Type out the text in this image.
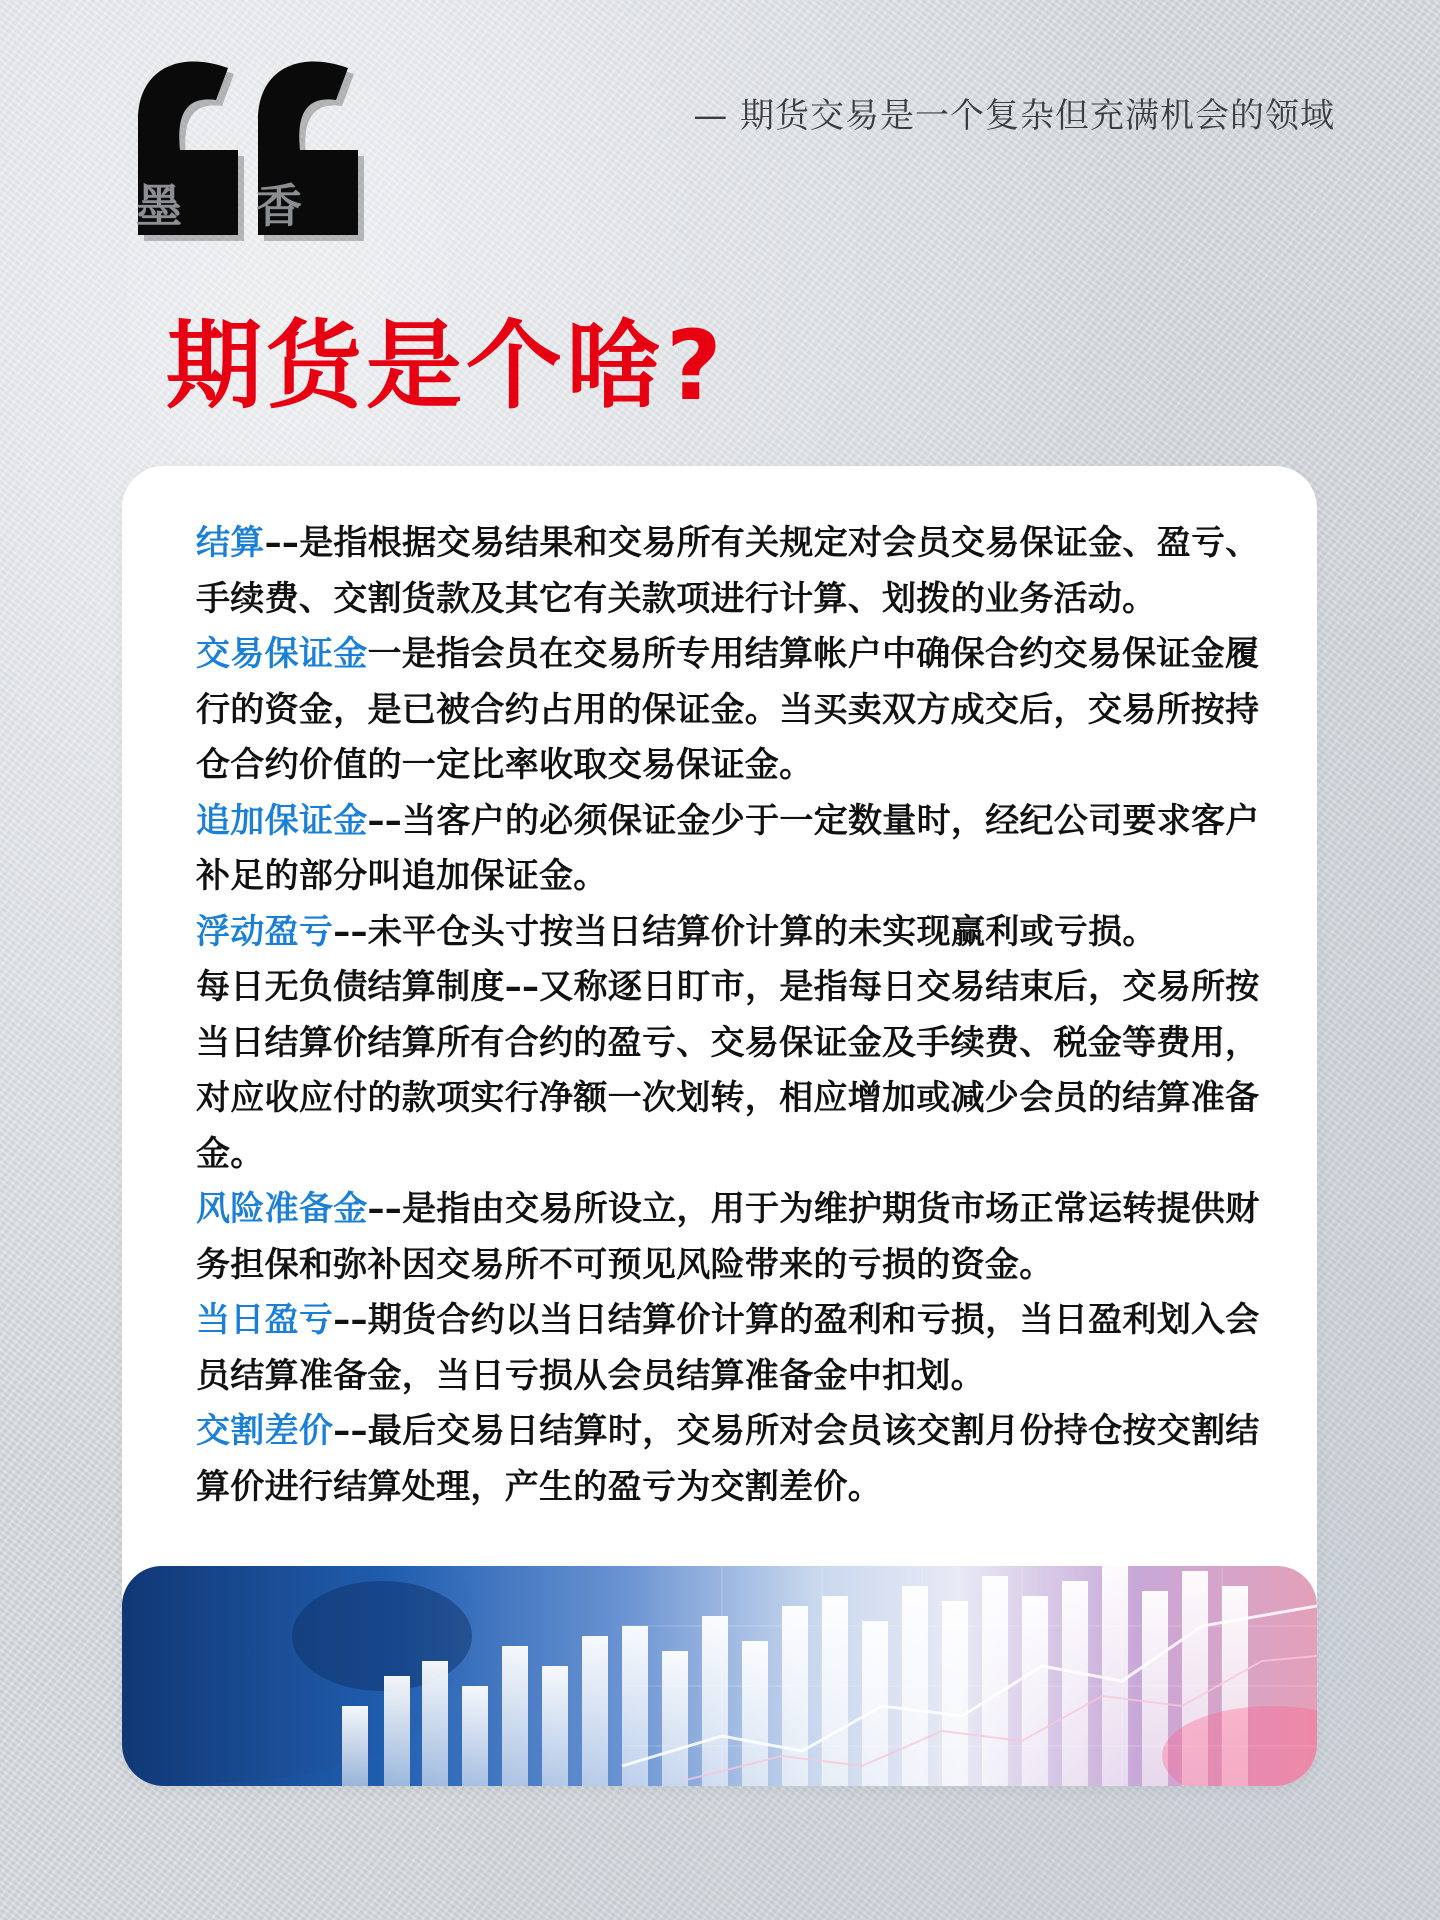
墨 香
— 期货交易是一个复杂但充满机会的领域
期货是个啥?
结算––是指根据交易结果和交易所有关规定对会员交易保证金、盈亏、手续费、交割货款及其它有关款项进行计算、划拨的业务活动。
交易保证金一是指会员在交易所专用结算帐户中确保合约交易保证金履行的资金，是已被合约占用的保证金。当买卖双方成交后，交易所按持仓合约价值的一定比率收取交易保证金。
追加保证金––当客户的必须保证金少于一定数量时，经纪公司要求客户补足的部分叫追加保证金。
浮动盈亏––未平仓头寸按当日结算价计算的未实现赢利或亏损。
每日无负债结算制度––又称逐日盯市，是指每日交易结束后，交易所按当日结算价结算所有合约的盈亏、交易保证金及手续费、税金等费用，对应收应付的款项实行净额一次划转，相应增加或减少会员的结算准备金。
风险准备金––是指由交易所设立，用于为维护期货市场正常运转提供财务担保和弥补因交易所不可预见风险带来的亏损的资金。
当日盈亏––期货合约以当日结算价计算的盈利和亏损，当日盈利划入会员结算准备金，当日亏损从会员结算准备金中扣划。
交割差价––最后交易日结算时，交易所对会员该交割月份持仓按交割结算价进行结算处理，产生的盈亏为交割差价。
